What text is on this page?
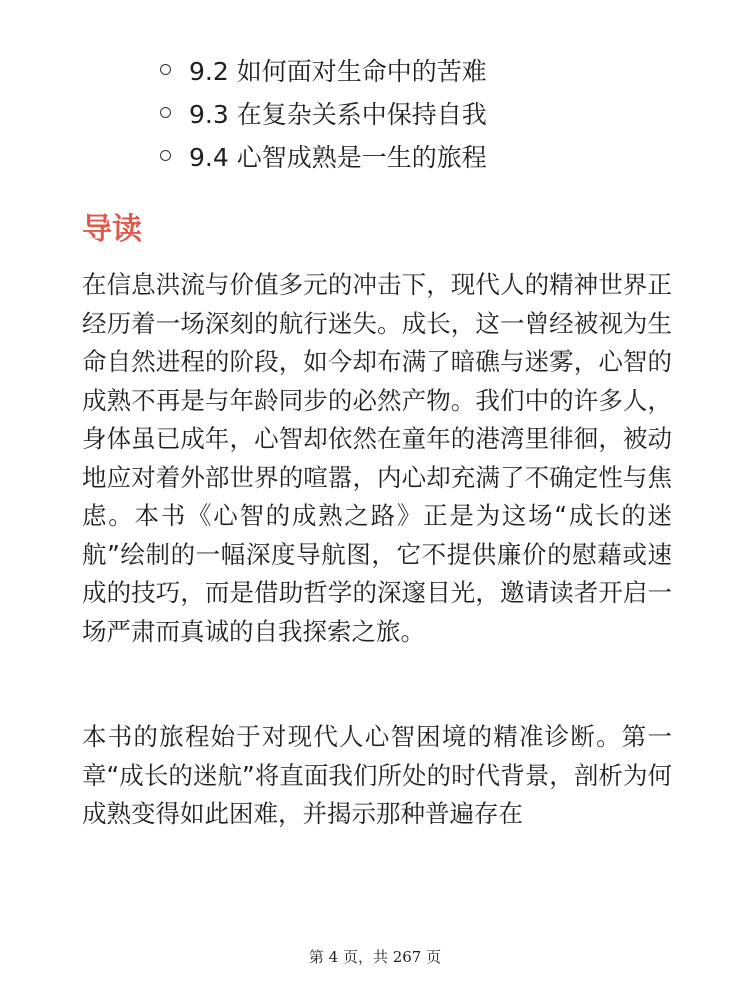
9.2 如何面对生命中的苦难
9.3 在复杂关系中保持自我
9.4 心智成熟是一生的旅程
导读

在信息洪流与价值多元的冲击下，现代人的精神世界正经历着一场深刻的航行迷失。成长，这一曾经被视为生命自然进程的阶段，如今却布满了暗礁与迷雾，心智的成熟不再是与年龄同步的必然产物。我们中的许多人，身体虽已成年，心智却依然在童年的港湾里徘徊，被动地应对着外部世界的喧嚣，内心却充满了不确定性与焦虑。本书《心智的成熟之路》正是为这场“成长的迷航”绘制的一幅深度导航图，它不提供廉价的慰藉或速成的技巧，而是借助哲学的深邃目光，邀请读者开启一场严肃而真诚的自我探索之旅。

本书的旅程始于对现代人心智困境的精准诊断。第一章“成长的迷航”将直面我们所处的时代背景，剖析为何成熟变得如此困难，并揭示那种普遍存在

第 4 页，共 267 页
